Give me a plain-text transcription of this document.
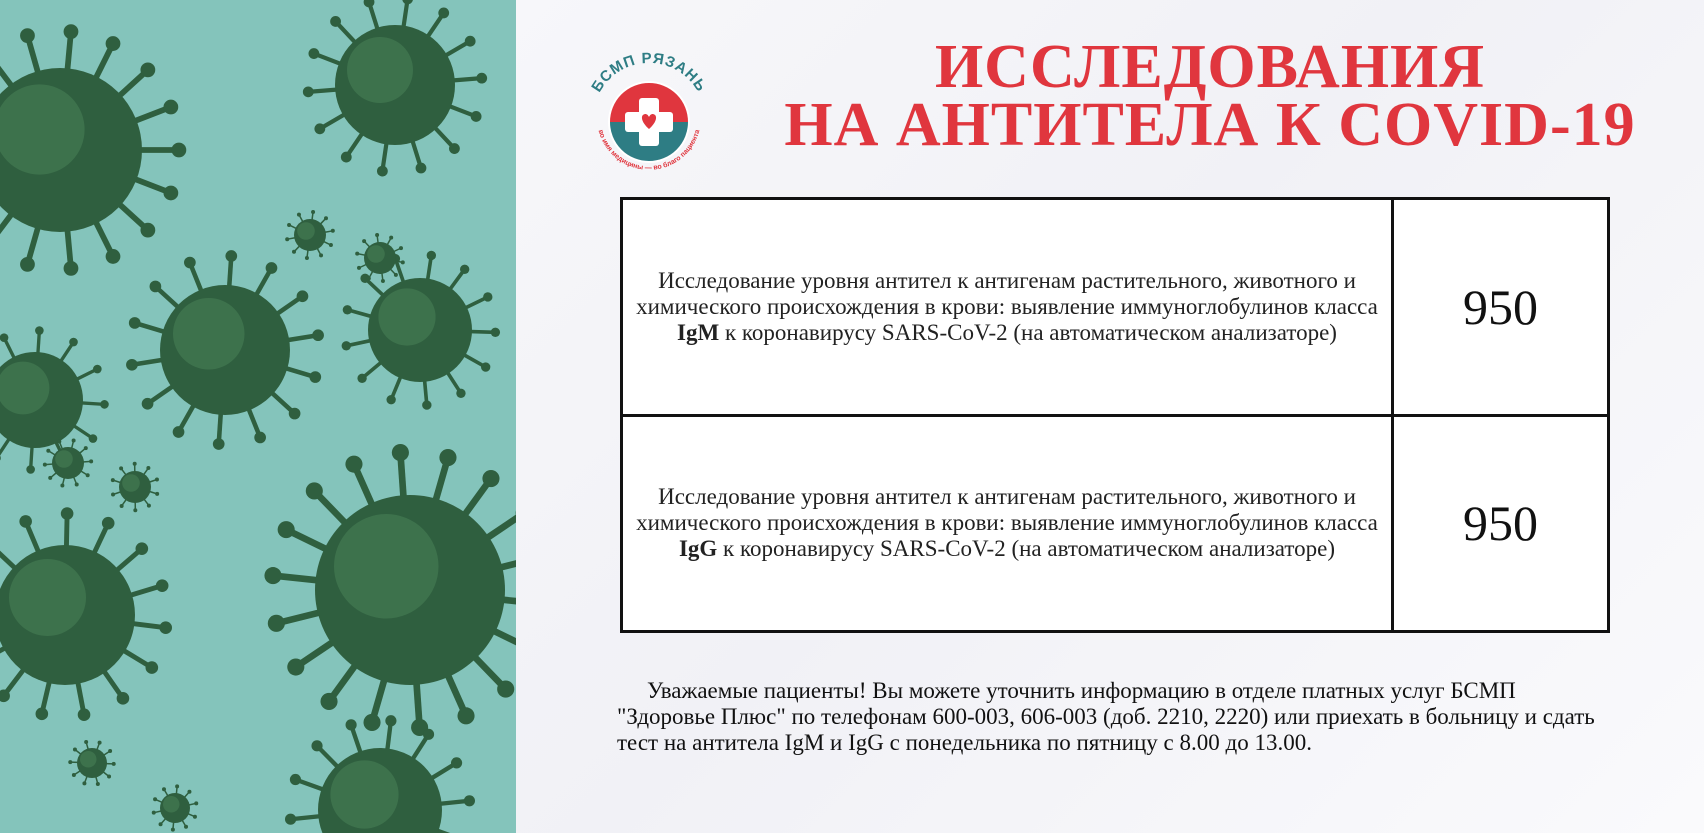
БСМП РЯЗАНЬ
во имя медицины — во благо пациента
ИССЛЕДОВАНИЯ
НА АНТИТЕЛА К COVID-19
Исследование уровня антител к антигенам растительного, животного и химического происхождения в крови: выявление иммуноглобулинов класса IgM к коронавирусу SARS-CoV-2 (на автоматическом анализаторе)	950
Исследование уровня антител к антигенам растительного, животного и химического происхождения в крови: выявление иммуноглобулинов класса IgG к коронавирусу SARS-CoV-2 (на автоматическом анализаторе)	950
Уважаемые пациенты! Вы можете уточнить информацию в отделе платных услуг БСМП "Здоровье Плюс" по телефонам 600-003, 606-003 (доб. 2210, 2220) или приехать в больницу и сдать тест на антитела IgM и IgG с понедельника по пятницу с 8.00 до 13.00.
